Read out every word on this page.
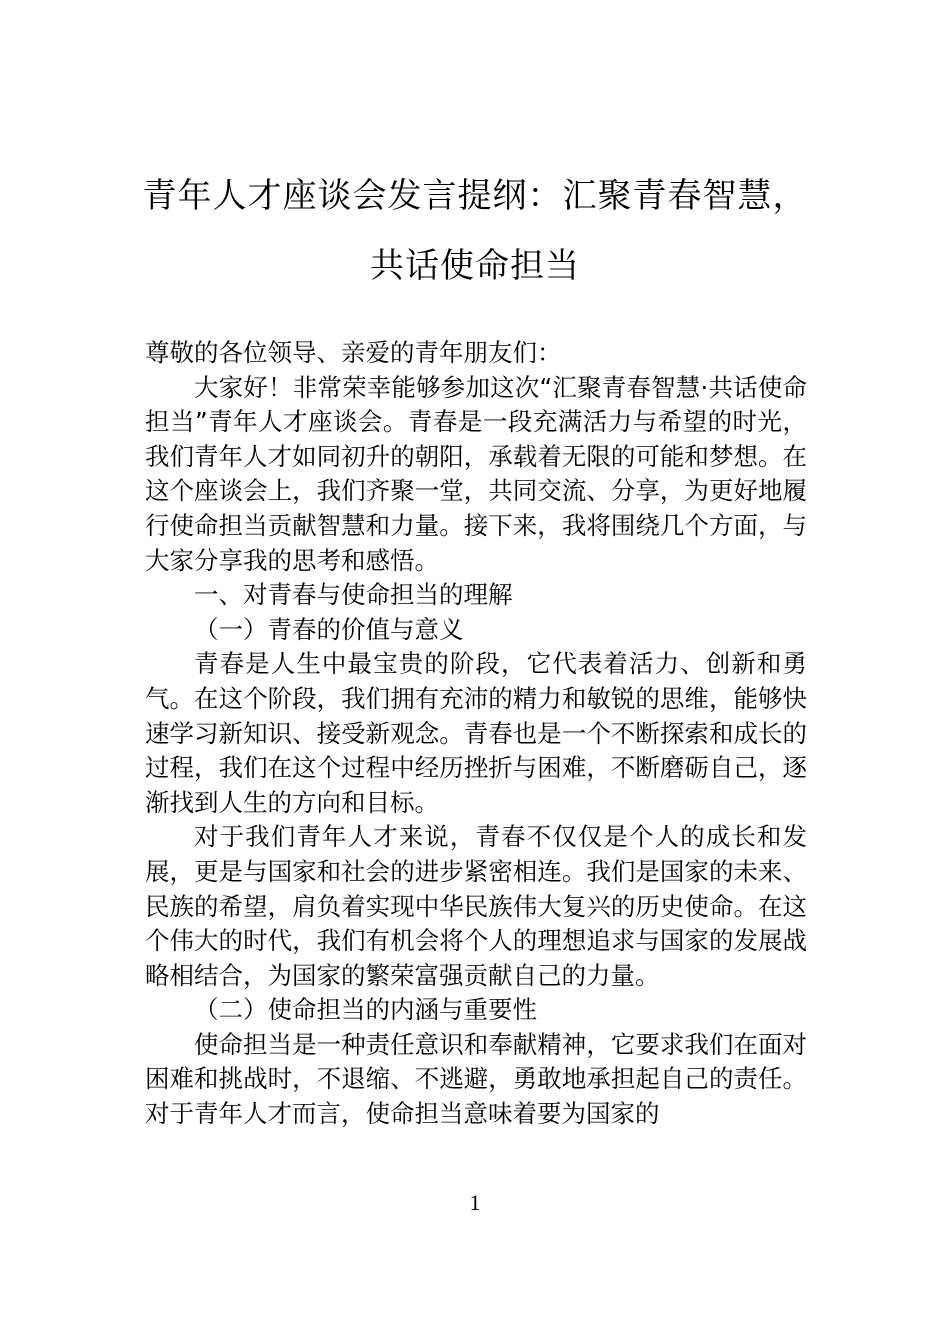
青年人才座谈会发言提纲：汇聚青春智慧，
共话使命担当

尊敬的各位领导、亲爱的青年朋友们：

大家好！非常荣幸能够参加这次“汇聚青春智慧·共话使命担当”青年人才座谈会。青春是一段充满活力与希望的时光，我们青年人才如同初升的朝阳，承载着无限的可能和梦想。在这个座谈会上，我们齐聚一堂，共同交流、分享，为更好地履行使命担当贡献智慧和力量。接下来，我将围绕几个方面，与大家分享我的思考和感悟。

一、对青春与使命担当的理解

（一）青春的价值与意义

青春是人生中最宝贵的阶段，它代表着活力、创新和勇气。在这个阶段，我们拥有充沛的精力和敏锐的思维，能够快速学习新知识、接受新观念。青春也是一个不断探索和成长的过程，我们在这个过程中经历挫折与困难，不断磨砺自己，逐渐找到人生的方向和目标。

对于我们青年人才来说，青春不仅仅是个人的成长和发展，更是与国家和社会的进步紧密相连。我们是国家的未来、民族的希望，肩负着实现中华民族伟大复兴的历史使命。在这个伟大的时代，我们有机会将个人的理想追求与国家的发展战略相结合，为国家的繁荣富强贡献自己的力量。

（二）使命担当的内涵与重要性

使命担当是一种责任意识和奉献精神，它要求我们在面对困难和挑战时，不退缩、不逃避，勇敢地承担起自己的责任。对于青年人才而言，使命担当意味着要为国家的

1
